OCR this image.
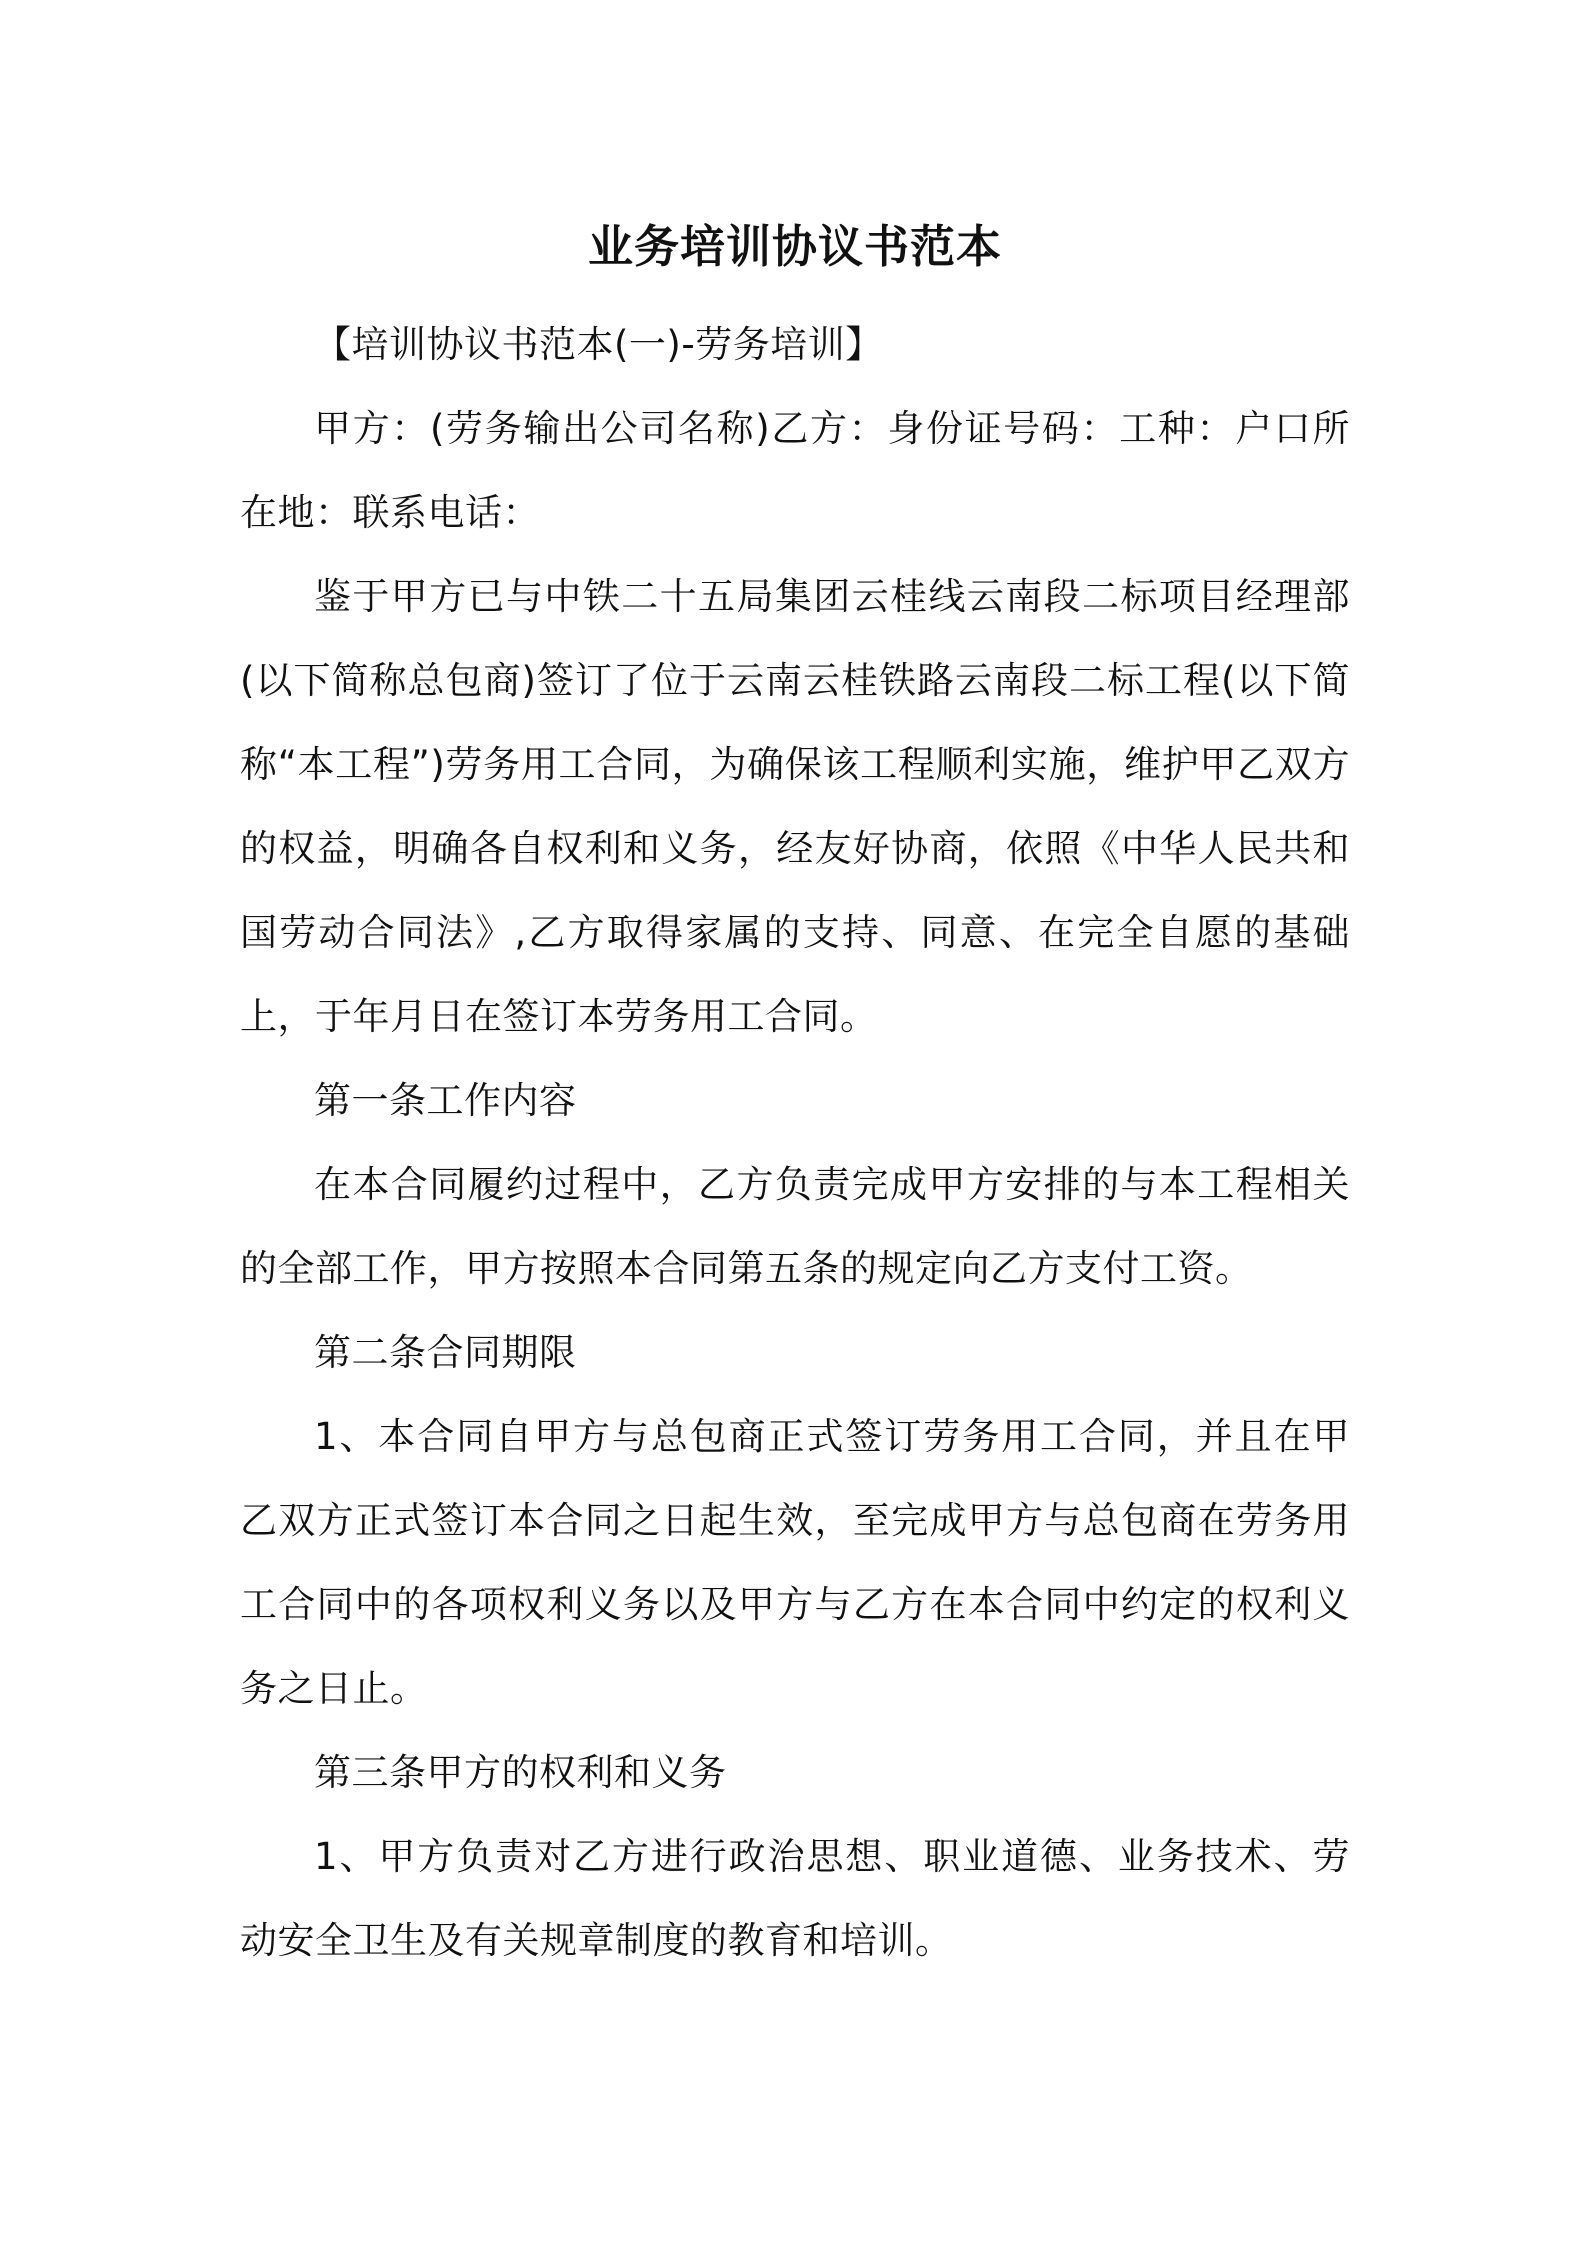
业务培训协议书范本

【培训协议书范本(一)-劳务培训】

甲方：(劳务输出公司名称)乙方：身份证号码：工种：户口所在地：联系电话：

鉴于甲方已与中铁二十五局集团云桂线云南段二标项目经理部(以下简称总包商)签订了位于云南云桂铁路云南段二标工程(以下简称“本工程”)劳务用工合同，为确保该工程顺利实施，维护甲乙双方的权益，明确各自权利和义务，经友好协商，依照《中华人民共和国劳动合同法》,乙方取得家属的支持、同意、在完全自愿的基础上，于年月日在签订本劳务用工合同。

第一条工作内容

在本合同履约过程中，乙方负责完成甲方安排的与本工程相关的全部工作，甲方按照本合同第五条的规定向乙方支付工资。

第二条合同期限

1、本合同自甲方与总包商正式签订劳务用工合同，并且在甲乙双方正式签订本合同之日起生效，至完成甲方与总包商在劳务用工合同中的各项权利义务以及甲方与乙方在本合同中约定的权利义务之日止。

第三条甲方的权利和义务

1、甲方负责对乙方进行政治思想、职业道德、业务技术、劳动安全卫生及有关规章制度的教育和培训。
